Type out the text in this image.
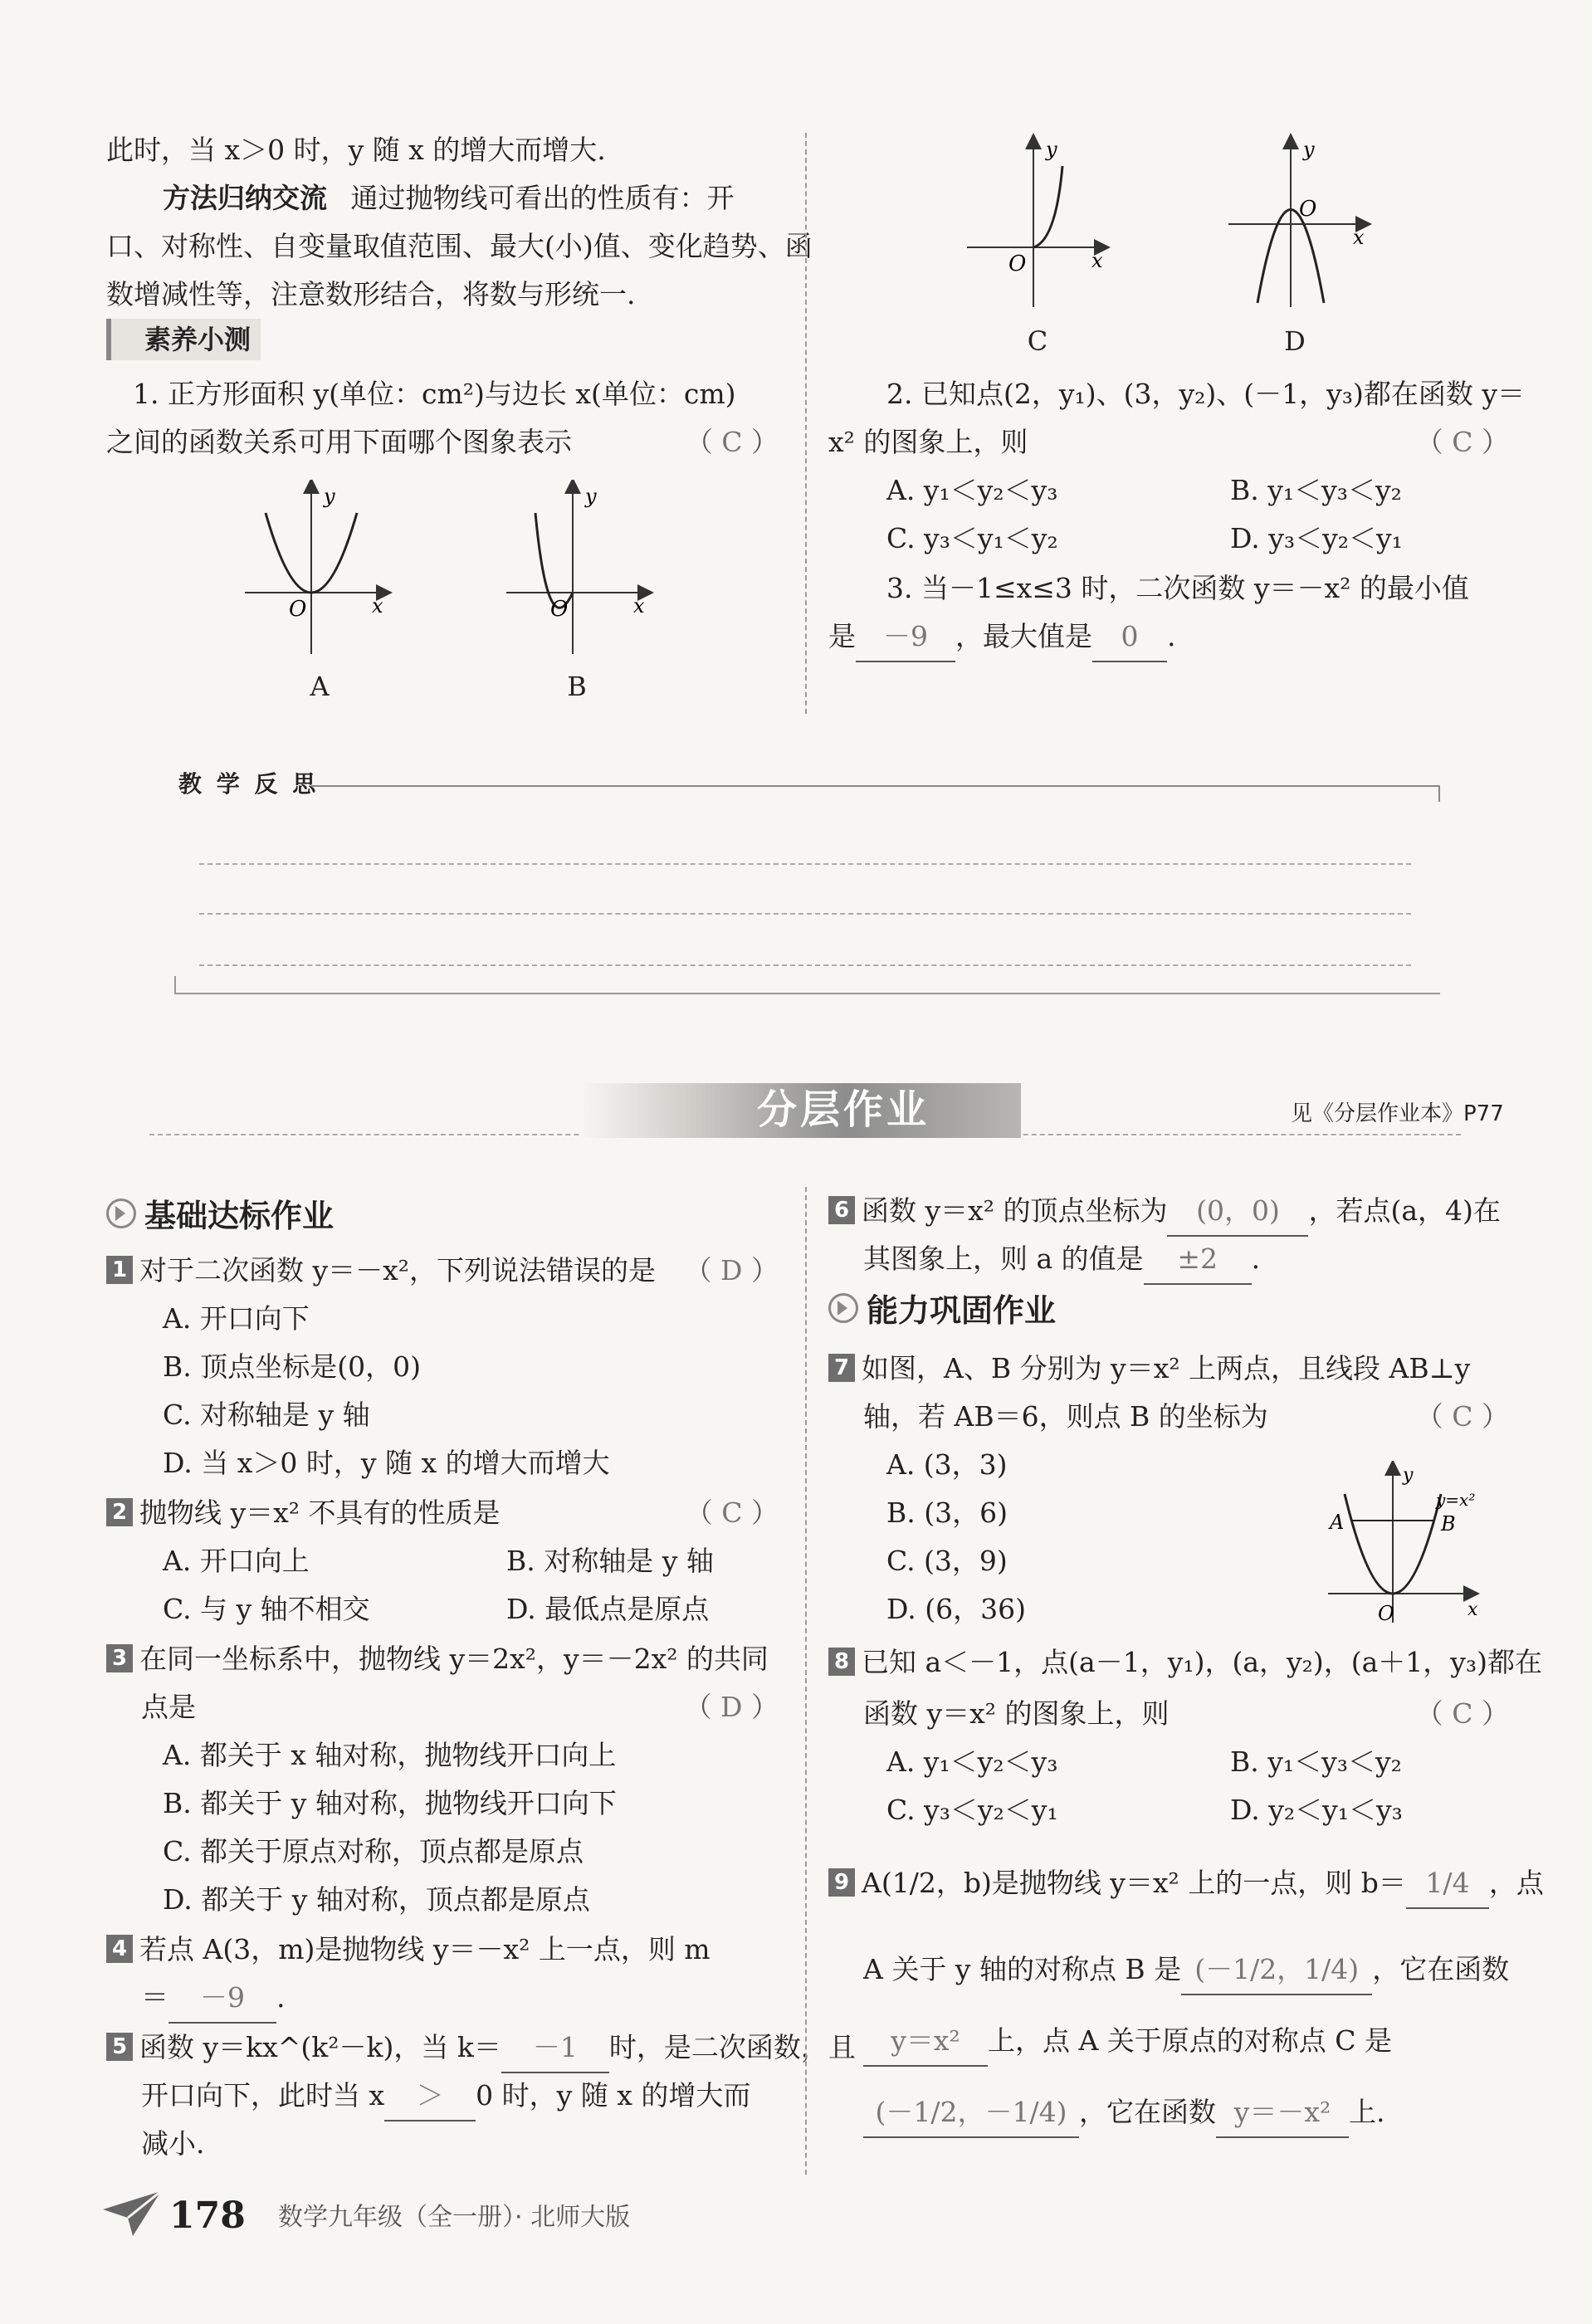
此时，当 x＞0 时，y 随 x 的增大而增大.
方法归纳交流 通过抛物线可看出的性质有：开
口、对称性、自变量取值范围、最大(小)值、变化趋势、函
数增减性等，注意数形结合，将数与形统一.
素养小测
1. 正方形面积 y(单位：cm²)与边长 x(单位：cm)
之间的函数关系可用下面哪个图象表示	（ C ）
y
x
O
y
x
O
A	B
y
x
O
y
x
O
C	D
2. 已知点(2，y₁)、(3，y₂)、(－1，y₃)都在函数 y＝
x² 的图象上，则	（ C ）
A. y₁＜y₂＜y₃	B. y₁＜y₃＜y₂
C. y₃＜y₁＜y₂	D. y₃＜y₂＜y₁
3. 当－1≤x≤3 时，二次函数 y＝－x² 的最小值
是 －9 ，最大值是 0 .
教 学 反 思
分层作业	见《分层作业本》P77
基础达标作业
1 对于二次函数 y＝－x²，下列说法错误的是 （ D ）
A. 开口向下
B. 顶点坐标是(0，0)
C. 对称轴是 y 轴
D. 当 x＞0 时，y 随 x 的增大而增大
2 抛物线 y＝x² 不具有的性质是	（ C ）
A. 开口向上	B. 对称轴是 y 轴
C. 与 y 轴不相交	D. 最低点是原点
3 在同一坐标系中，抛物线 y＝2x²，y＝－2x² 的共同
点是	（ D ）
A. 都关于 x 轴对称，抛物线开口向上
B. 都关于 y 轴对称，抛物线开口向下
C. 都关于原点对称，顶点都是原点
D. 都关于 y 轴对称，顶点都是原点
4 若点 A(3，m)是抛物线 y＝－x² 上一点，则 m
＝ －9 .
5 函数 y＝kx^(k²－k)，当 k＝ －1 时，是二次函数，且
开口向下，此时当 x ＞ 0 时，y 随 x 的增大而
减小.
6 函数 y＝x² 的顶点坐标为 (0，0) ，若点(a，4)在
其图象上，则 a 的值是 ±2 .
能力巩固作业
7 如图，A、B 分别为 y＝x² 上两点，且线段 AB⊥y
轴，若 AB＝6，则点 B 的坐标为	（ C ）
A. (3，3)
B. (3，6)
C. (3，9)
D. (6，36)
y
x
O
A	B
y=x²
8 已知 a＜－1，点(a－1，y₁)，(a，y₂)，(a＋1，y₃)都在
函数 y＝x² 的图象上，则	（ C ）
A. y₁＜y₂＜y₃	B. y₁＜y₃＜y₂
C. y₃＜y₂＜y₁	D. y₂＜y₁＜y₃
9 A(1/2，b)是抛物线 y＝x² 上的一点，则 b＝ 1/4 ，点
A 关于 y 轴的对称点 B 是 (－1/2，1/4) ，它在函数
y＝x² 上，点 A 关于原点的对称点 C 是
(－1/2，－1/4) ，它在函数 y＝－x² 上.
178 数学九年级（全一册）· 北师大版
